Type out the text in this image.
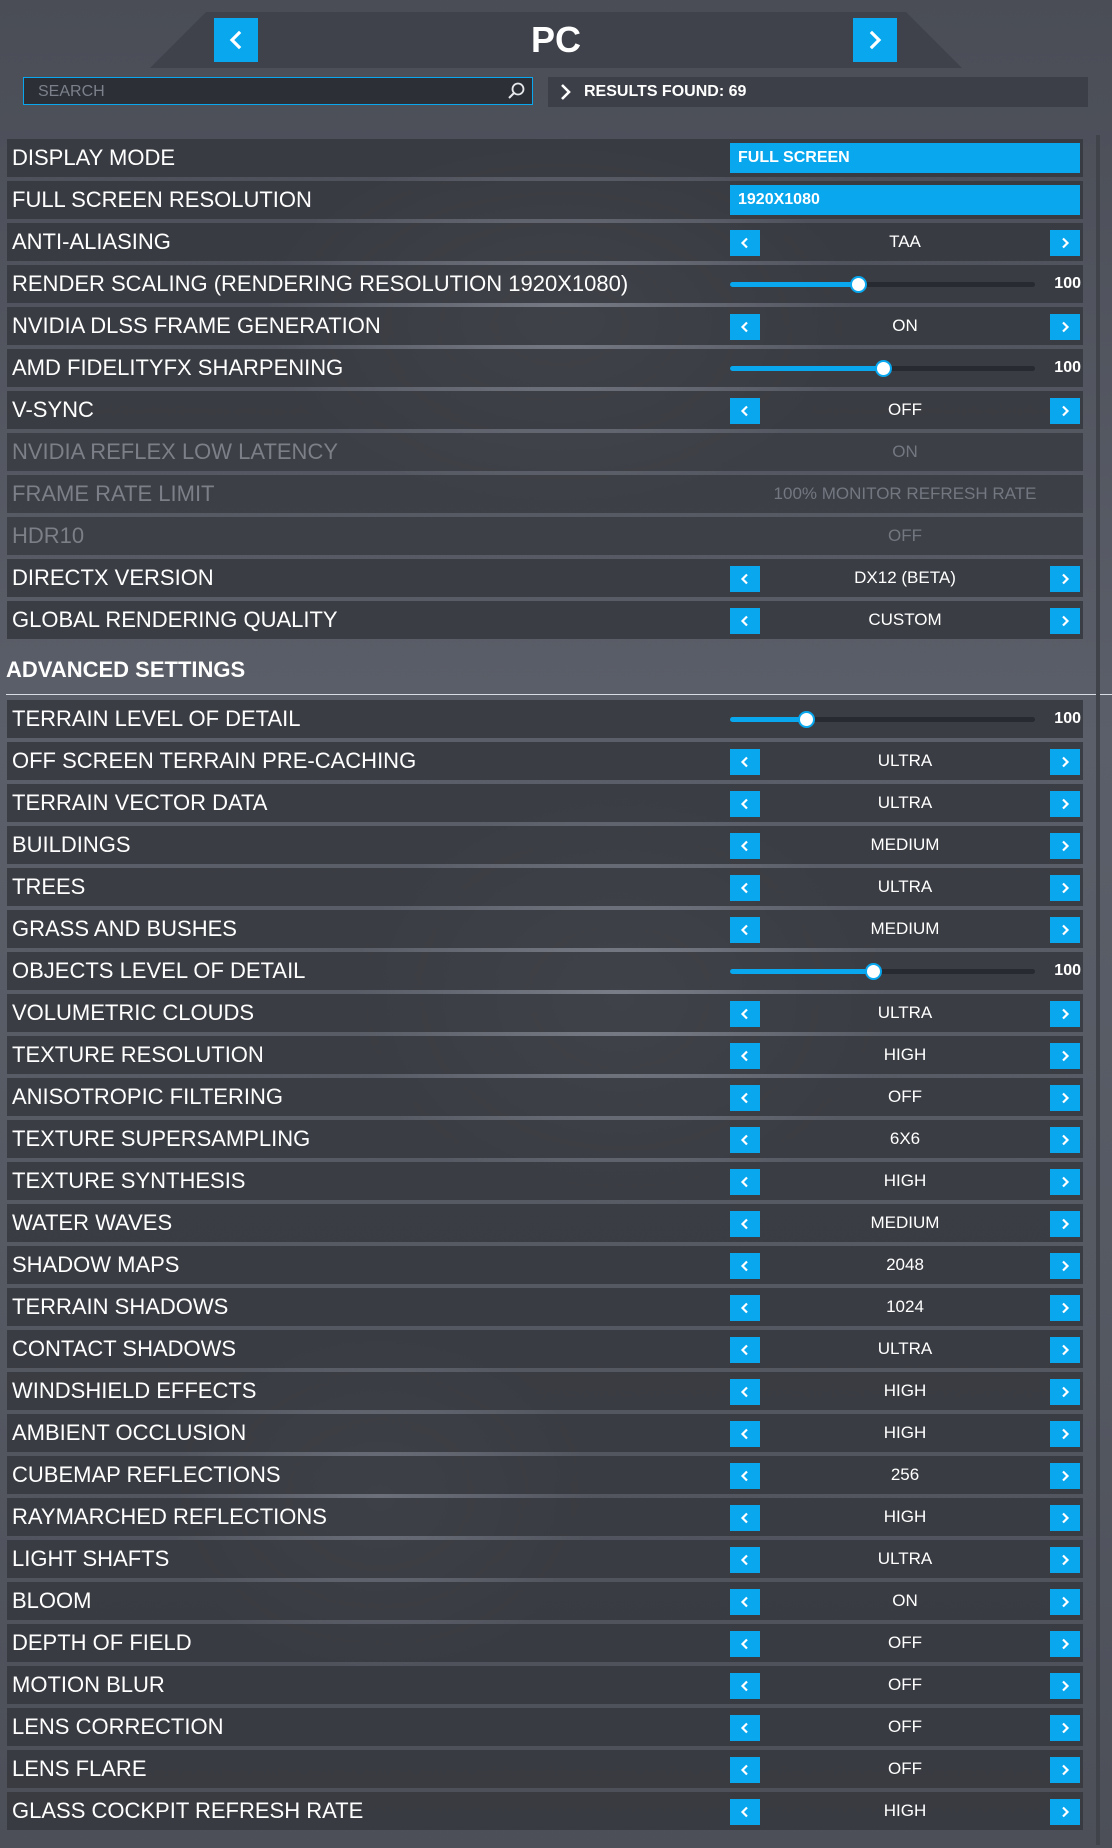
PC
SEARCH
RESULTS FOUND: 69
DISPLAY MODE	FULL SCREEN
FULL SCREEN RESOLUTION	1920X1080
ANTI-ALIASING	TAA
RENDER SCALING (RENDERING RESOLUTION 1920X1080)	100
NVIDIA DLSS FRAME GENERATION	ON
AMD FIDELITYFX SHARPENING	100
V-SYNC	OFF
NVIDIA REFLEX LOW LATENCY	ON
FRAME RATE LIMIT	100% MONITOR REFRESH RATE
HDR10	OFF
DIRECTX VERSION	DX12 (BETA)
GLOBAL RENDERING QUALITY	CUSTOM
ADVANCED SETTINGS
TERRAIN LEVEL OF DETAIL	100
OFF SCREEN TERRAIN PRE-CACHING	ULTRA
TERRAIN VECTOR DATA	ULTRA
BUILDINGS	MEDIUM
TREES	ULTRA
GRASS AND BUSHES	MEDIUM
OBJECTS LEVEL OF DETAIL	100
VOLUMETRIC CLOUDS	ULTRA
TEXTURE RESOLUTION	HIGH
ANISOTROPIC FILTERING	OFF
TEXTURE SUPERSAMPLING	6X6
TEXTURE SYNTHESIS	HIGH
WATER WAVES	MEDIUM
SHADOW MAPS	2048
TERRAIN SHADOWS	1024
CONTACT SHADOWS	ULTRA
WINDSHIELD EFFECTS	HIGH
AMBIENT OCCLUSION	HIGH
CUBEMAP REFLECTIONS	256
RAYMARCHED REFLECTIONS	HIGH
LIGHT SHAFTS	ULTRA
BLOOM	ON
DEPTH OF FIELD	OFF
MOTION BLUR	OFF
LENS CORRECTION	OFF
LENS FLARE	OFF
GLASS COCKPIT REFRESH RATE	HIGH
